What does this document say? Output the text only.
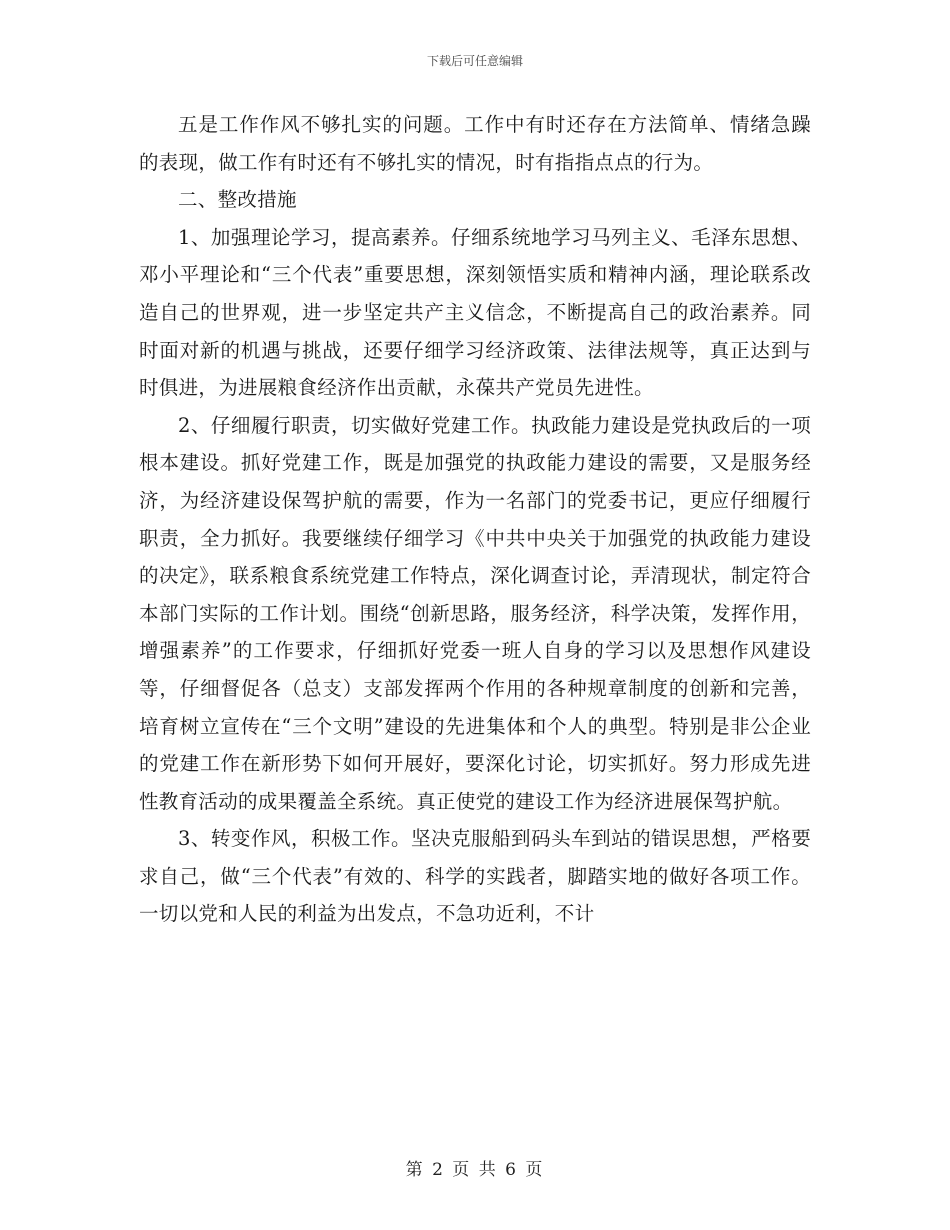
下载后可任意编辑

五是工作作风不够扎实的问题。工作中有时还存在方法简单、情绪急躁的表现，做工作有时还有不够扎实的情况，时有指指点点的行为。

二、整改措施

1、加强理论学习，提高素养。仔细系统地学习马列主义、毛泽东思想、邓小平理论和“三个代表”重要思想，深刻领悟实质和精神内涵，理论联系改造自己的世界观，进一步坚定共产主义信念，不断提高自己的政治素养。同时面对新的机遇与挑战，还要仔细学习经济政策、法律法规等，真正达到与时俱进，为进展粮食经济作出贡献，永葆共产党员先进性。

2、仔细履行职责，切实做好党建工作。执政能力建设是党执政后的一项根本建设。抓好党建工作，既是加强党的执政能力建设的需要，又是服务经济，为经济建设保驾护航的需要，作为一名部门的党委书记，更应仔细履行职责，全力抓好。我要继续仔细学习《中共中央关于加强党的执政能力建设的决定》，联系粮食系统党建工作特点，深化调查讨论，弄清现状，制定符合本部门实际的工作计划。围绕“创新思路，服务经济，科学决策，发挥作用，增强素养”的工作要求，仔细抓好党委一班人自身的学习以及思想作风建设等，仔细督促各（总支）支部发挥两个作用的各种规章制度的创新和完善，培育树立宣传在“三个文明”建设的先进集体和个人的典型。特别是非公企业的党建工作在新形势下如何开展好，要深化讨论，切实抓好。努力形成先进性教育活动的成果覆盖全系统。真正使党的建设工作为经济进展保驾护航。

3、转变作风，积极工作。坚决克服船到码头车到站的错误思想，严格要求自己，做“三个代表”有效的、科学的实践者，脚踏实地的做好各项工作。一切以党和人民的利益为出发点，不急功近利，不计

第 2 页 共 6 页
